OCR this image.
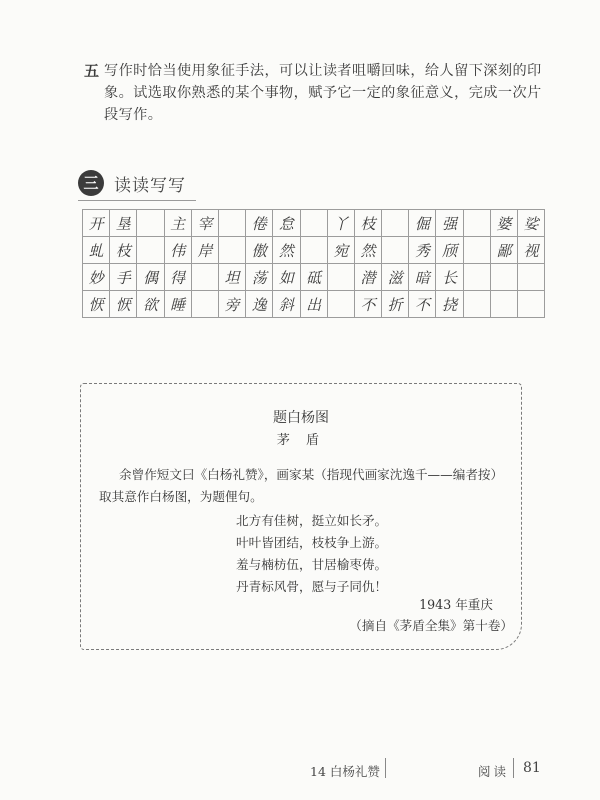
五 写作时恰当使用象征手法，可以让读者咀嚼回味，给人留下深刻的印象。试选取你熟悉的某个事物，赋予它一定的象征意义，完成一次片段写作。
三 读读写写
开	垦		主	宰		倦	怠		丫	枝		倔	强		婆	娑
虬	枝		伟	岸		傲	然		宛	然		秀	颀		鄙	视
妙	手	偶	得		坦	荡	如	砥		潜	滋	暗	长			
恹	恹	欲	睡		旁	逸	斜	出		不	折	不	挠			
题白杨图
茅 盾
余曾作短文曰《白杨礼赞》，画家某（指现代画家沈逸千——编者按）取其意作白杨图，为题俚句。
北方有佳树，挺立如长矛。
叶叶皆团结，枝枝争上游。
羞与楠枋伍，甘居榆枣俦。
丹青标风骨，愿与子同仇！
1943 年重庆
（摘自《茅盾全集》第十卷）
14 白杨礼赞	阅读 81
